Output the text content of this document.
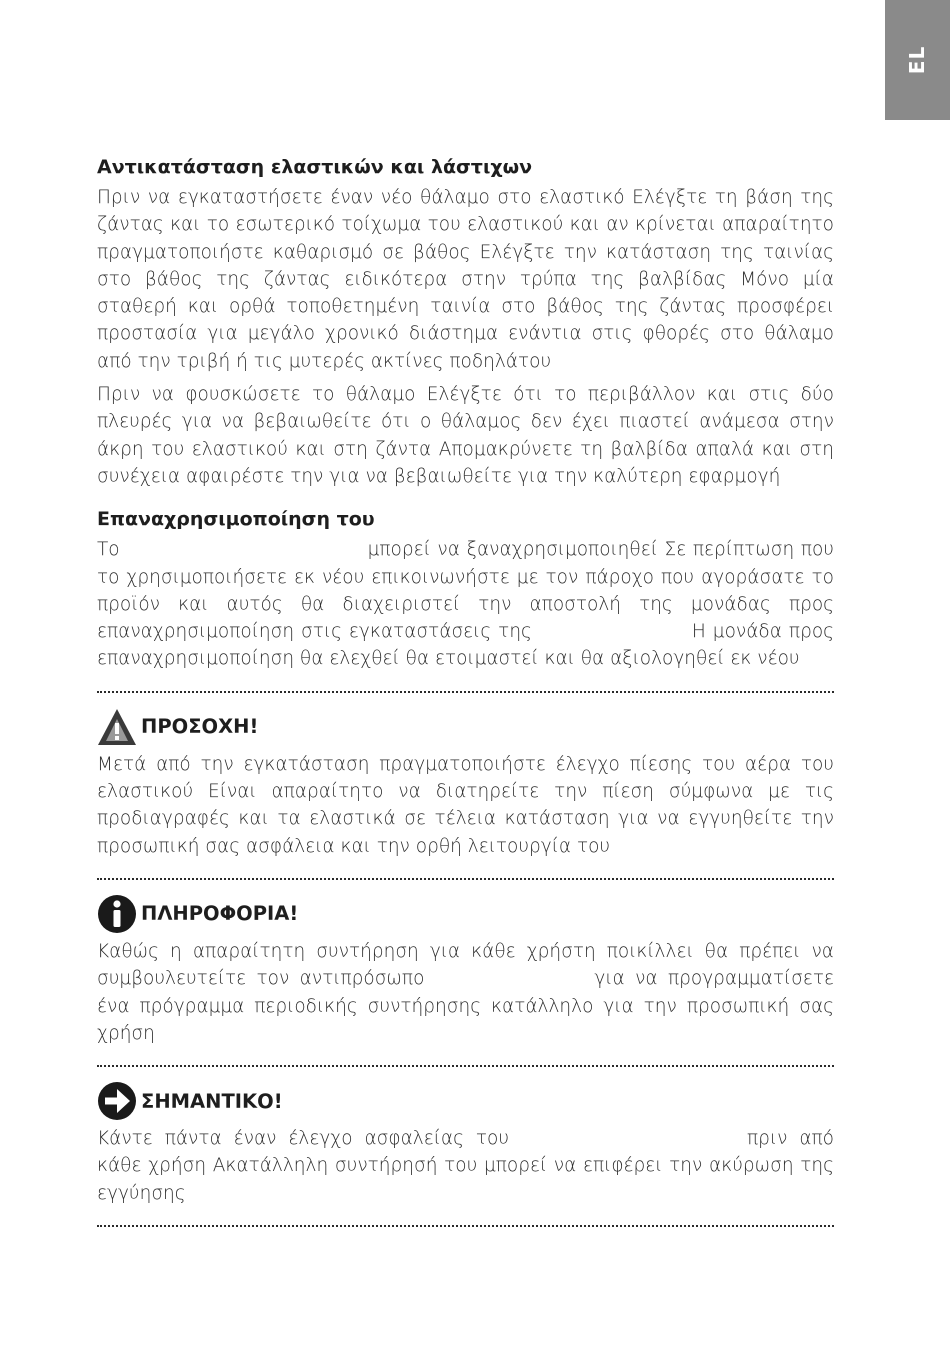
EL
Αντικατάσταση ελαστικών και λάστιχων

Πριν να εγκαταστήσετε έναν νέο θάλαμο στο ελαστικό Ελέγξτε τη βάση της ζάντας και το εσωτερικό τοίχωμα του ελαστικού και αν κρίνεται απαραίτητο πραγματοποιήστε καθαρισμό σε βάθος Ελέγξτε την κατάσταση της ταινίας στο βάθος της ζάντας ειδικότερα στην τρύπα της βαλβίδας Μόνο μία σταθερή και ορθά τοποθετημένη ταινία στο βάθος της ζάντας προσφέρει προστασία για μεγάλο χρονικό διάστημα ενάντια στις φθορές στο θάλαμο από την τριβή ή τις μυτερές ακτίνες ποδηλάτου

Πριν να φουσκώσετε το θάλαμο Ελέγξτε ότι το περιβάλλον και στις δύο πλευρές για να βεβαιωθείτε ότι ο θάλαμος δεν έχει πιαστεί ανάμεσα στην άκρη του ελαστικού και στη ζάντα Απομακρύνετε τη βαλβίδα απαλά και στη συνέχεια αφαιρέστε την για να βεβαιωθείτε για την καλύτερη εφαρμογή

Επαναχρησιμοποίηση του

Το	μπορεί να ξαναχρησιμοποιηθεί Σε περίπτωση που το χρησιμοποιήσετε εκ νέου επικοινωνήστε με τον πάροχο που αγοράσατε το προϊόν και αυτός θα διαχειριστεί την αποστολή της μονάδας προς επαναχρησιμοποίηση στις εγκαταστάσεις της	Η μονάδα προς επαναχρησιμοποίηση θα ελεχθεί θα ετοιμαστεί και θα αξιολογηθεί εκ νέου

ΠΡΟΣΟΧΗ!

Μετά από την εγκατάσταση πραγματοποιήστε έλεγχο πίεσης του αέρα του ελαστικού Είναι απαραίτητο να διατηρείτε την πίεση σύμφωνα με τις προδιαγραφές και τα ελαστικά σε τέλεια κατάσταση για να εγγυηθείτε την προσωπική σας ασφάλεια και την ορθή λειτουργία του

ΠΛΗΡΟΦΟΡΙΑ!

Καθώς η απαραίτητη συντήρηση για κάθε χρήστη ποικίλλει θα πρέπει να συμβουλευτείτε τον αντιπρόσωπο	για να προγραμματίσετε ένα πρόγραμμα περιοδικής συντήρησης κατάλληλο για την προσωπική σας χρήση

ΣΗΜΑΝΤΙΚΟ!

Κάντε πάντα έναν έλεγχο ασφαλείας του	πριν από κάθε χρήση Ακατάλληλη συντήρησή του μπορεί να επιφέρει την ακύρωση της εγγύησης
